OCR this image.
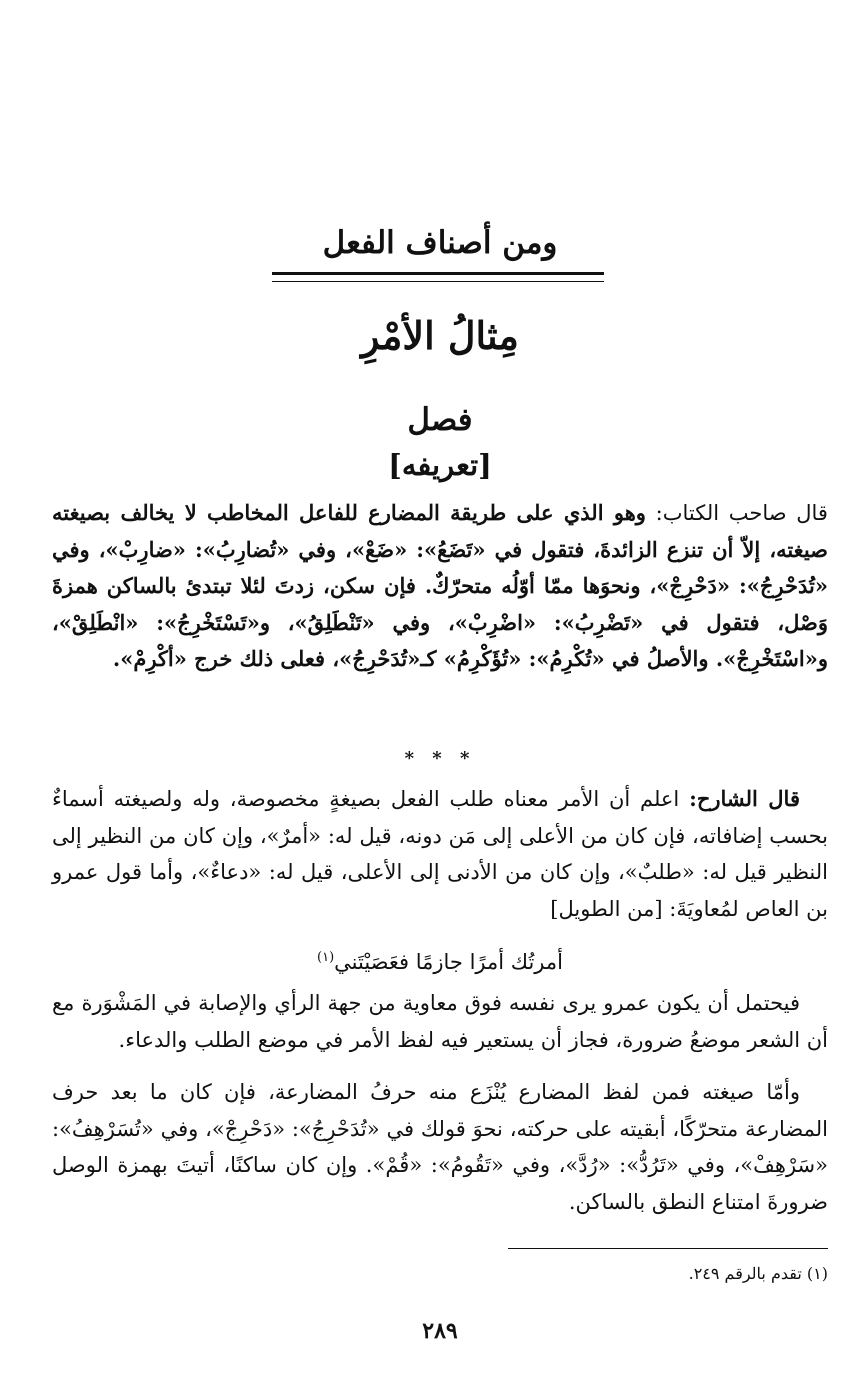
ومن أصناف الفعل
مِثالُ الأمْرِ
فصل
[تعريفه]
قال صاحب الكتاب: وهو الذي على طريقة المضارع للفاعل المخاطب لا يخالف بصيغته صيغته، إلاّ أن تنزع الزائدةَ، فتقول في «تَضَعُ»: «ضَعْ»، وفي «تُضارِبُ»: «ضارِبْ»، وفي «تُدَحْرِجُ»: «دَحْرِجْ»، ونحوَها ممّا أوّلُه متحرّكٌ. فإن سكن، زدتَ لئلا تبتدئ بالساكن همزةَ وَصْل، فتقول في «تَضْرِبُ»: «اضْرِبْ»، وفي «تَنْطَلِقُ»، و«تَسْتَخْرِجُ»: «انْطَلِقْ»، و«اسْتَخْرِجْ». والأصلُ في «تُكْرِمُ»: «تُؤَكْرِمُ» كـ«تُدَحْرِجُ»، فعلى ذلك خرج «أكْرِمْ».
* * *
قال الشارح: اعلم أن الأمر معناه طلب الفعل بصيغةٍ مخصوصة، وله ولصيغته أسماءٌ بحسب إضافاته، فإن كان من الأعلى إلى مَن دونه، قيل له: «أمرٌ»، وإن كان من النظير إلى النظير قيل له: «طلبٌ»، وإن كان من الأدنى إلى الأعلى، قيل له: «دعاءٌ»، وأما قول عمرو بن العاص لمُعاويَةَ: [من الطويل]
أمرتُك أمرًا جازمًا فعَصَيْتَني$^{(١)}$
فيحتمل أن يكون عمرو يرى نفسه فوق معاوية من جهة الرأي والإصابة في المَشْوَرة مع أن الشعر موضعُ ضرورة، فجاز أن يستعير فيه لفظ الأمر في موضع الطلب والدعاء.
وأمّا صيغته فمن لفظ المضارع يُنْزَع منه حرفُ المضارعة، فإن كان ما بعد حرف المضارعة متحرّكًا، أبقيته على حركته، نحوَ قولك في «تُدَحْرِجُ»: «دَحْرِجْ»، وفي «تُسَرْهِفُ»: «سَرْهِفْ»، وفي «تَرُدُّ»: «رُدَّ»، وفي «تَقُومُ»: «قُمْ». وإن كان ساكنًا، أتيتَ بهمزة الوصل ضرورةَ امتناع النطق بالساكن.
(١) تقدم بالرقم ٢٤٩.
٢٨٩
